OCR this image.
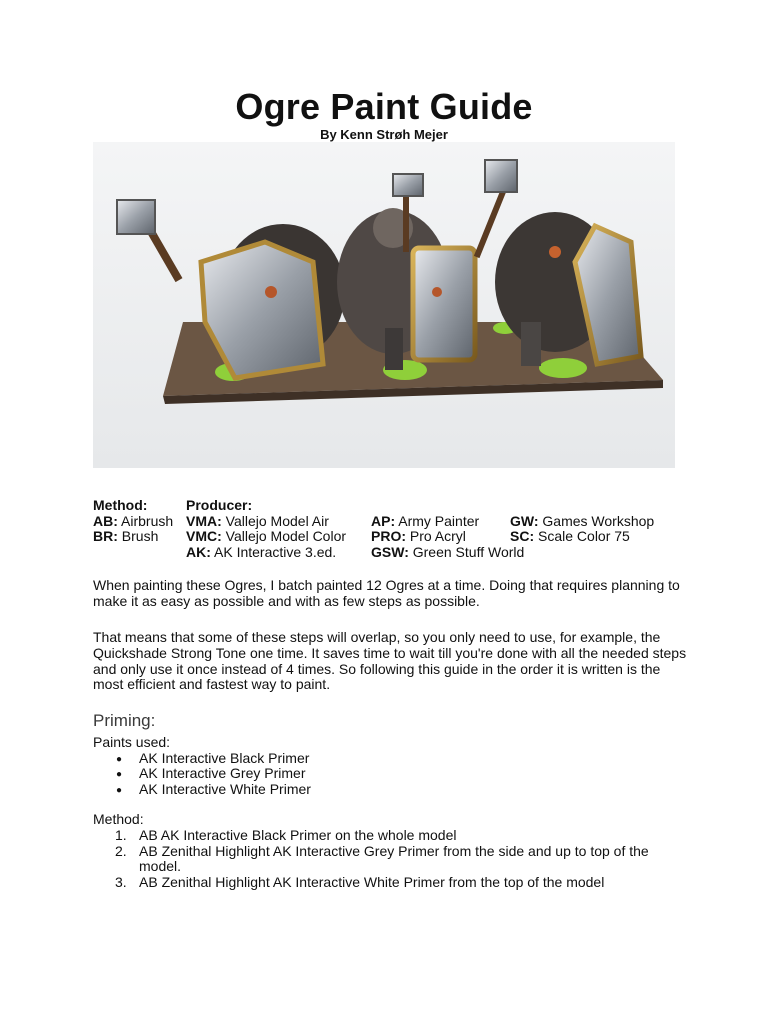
Ogre Paint Guide
By Kenn Strøh Mejer
Method:
AB: Airbrush
BR: Brush
Producer:
VMA: Vallejo Model Air
VMC: Vallejo Model Color
AK: AK Interactive 3.ed.

AP: Army Painter
PRO: Pro Acryl
GSW: Green Stuff World

GW: Games Workshop
SC: Scale Color 75
When painting these Ogres, I batch painted 12 Ogres at a time. Doing that requires planning to make it as easy as possible and with as few steps as possible.
That means that some of these steps will overlap, so you only need to use, for example, the Quickshade Strong Tone one time. It saves time to wait till you're done with all the needed steps and only use it once instead of 4 times. So following this guide in the order it is written is the most efficient and fastest way to paint.
Priming:
Paints used:
● AK Interactive Black Primer
● AK Interactive Grey Primer
● AK Interactive White Primer
Method:
1. AB AK Interactive Black Primer on the whole model
2. AB Zenithal Highlight AK Interactive Grey Primer from the side and up to top of the model.
3. AB Zenithal Highlight AK Interactive White Primer from the top of the model
